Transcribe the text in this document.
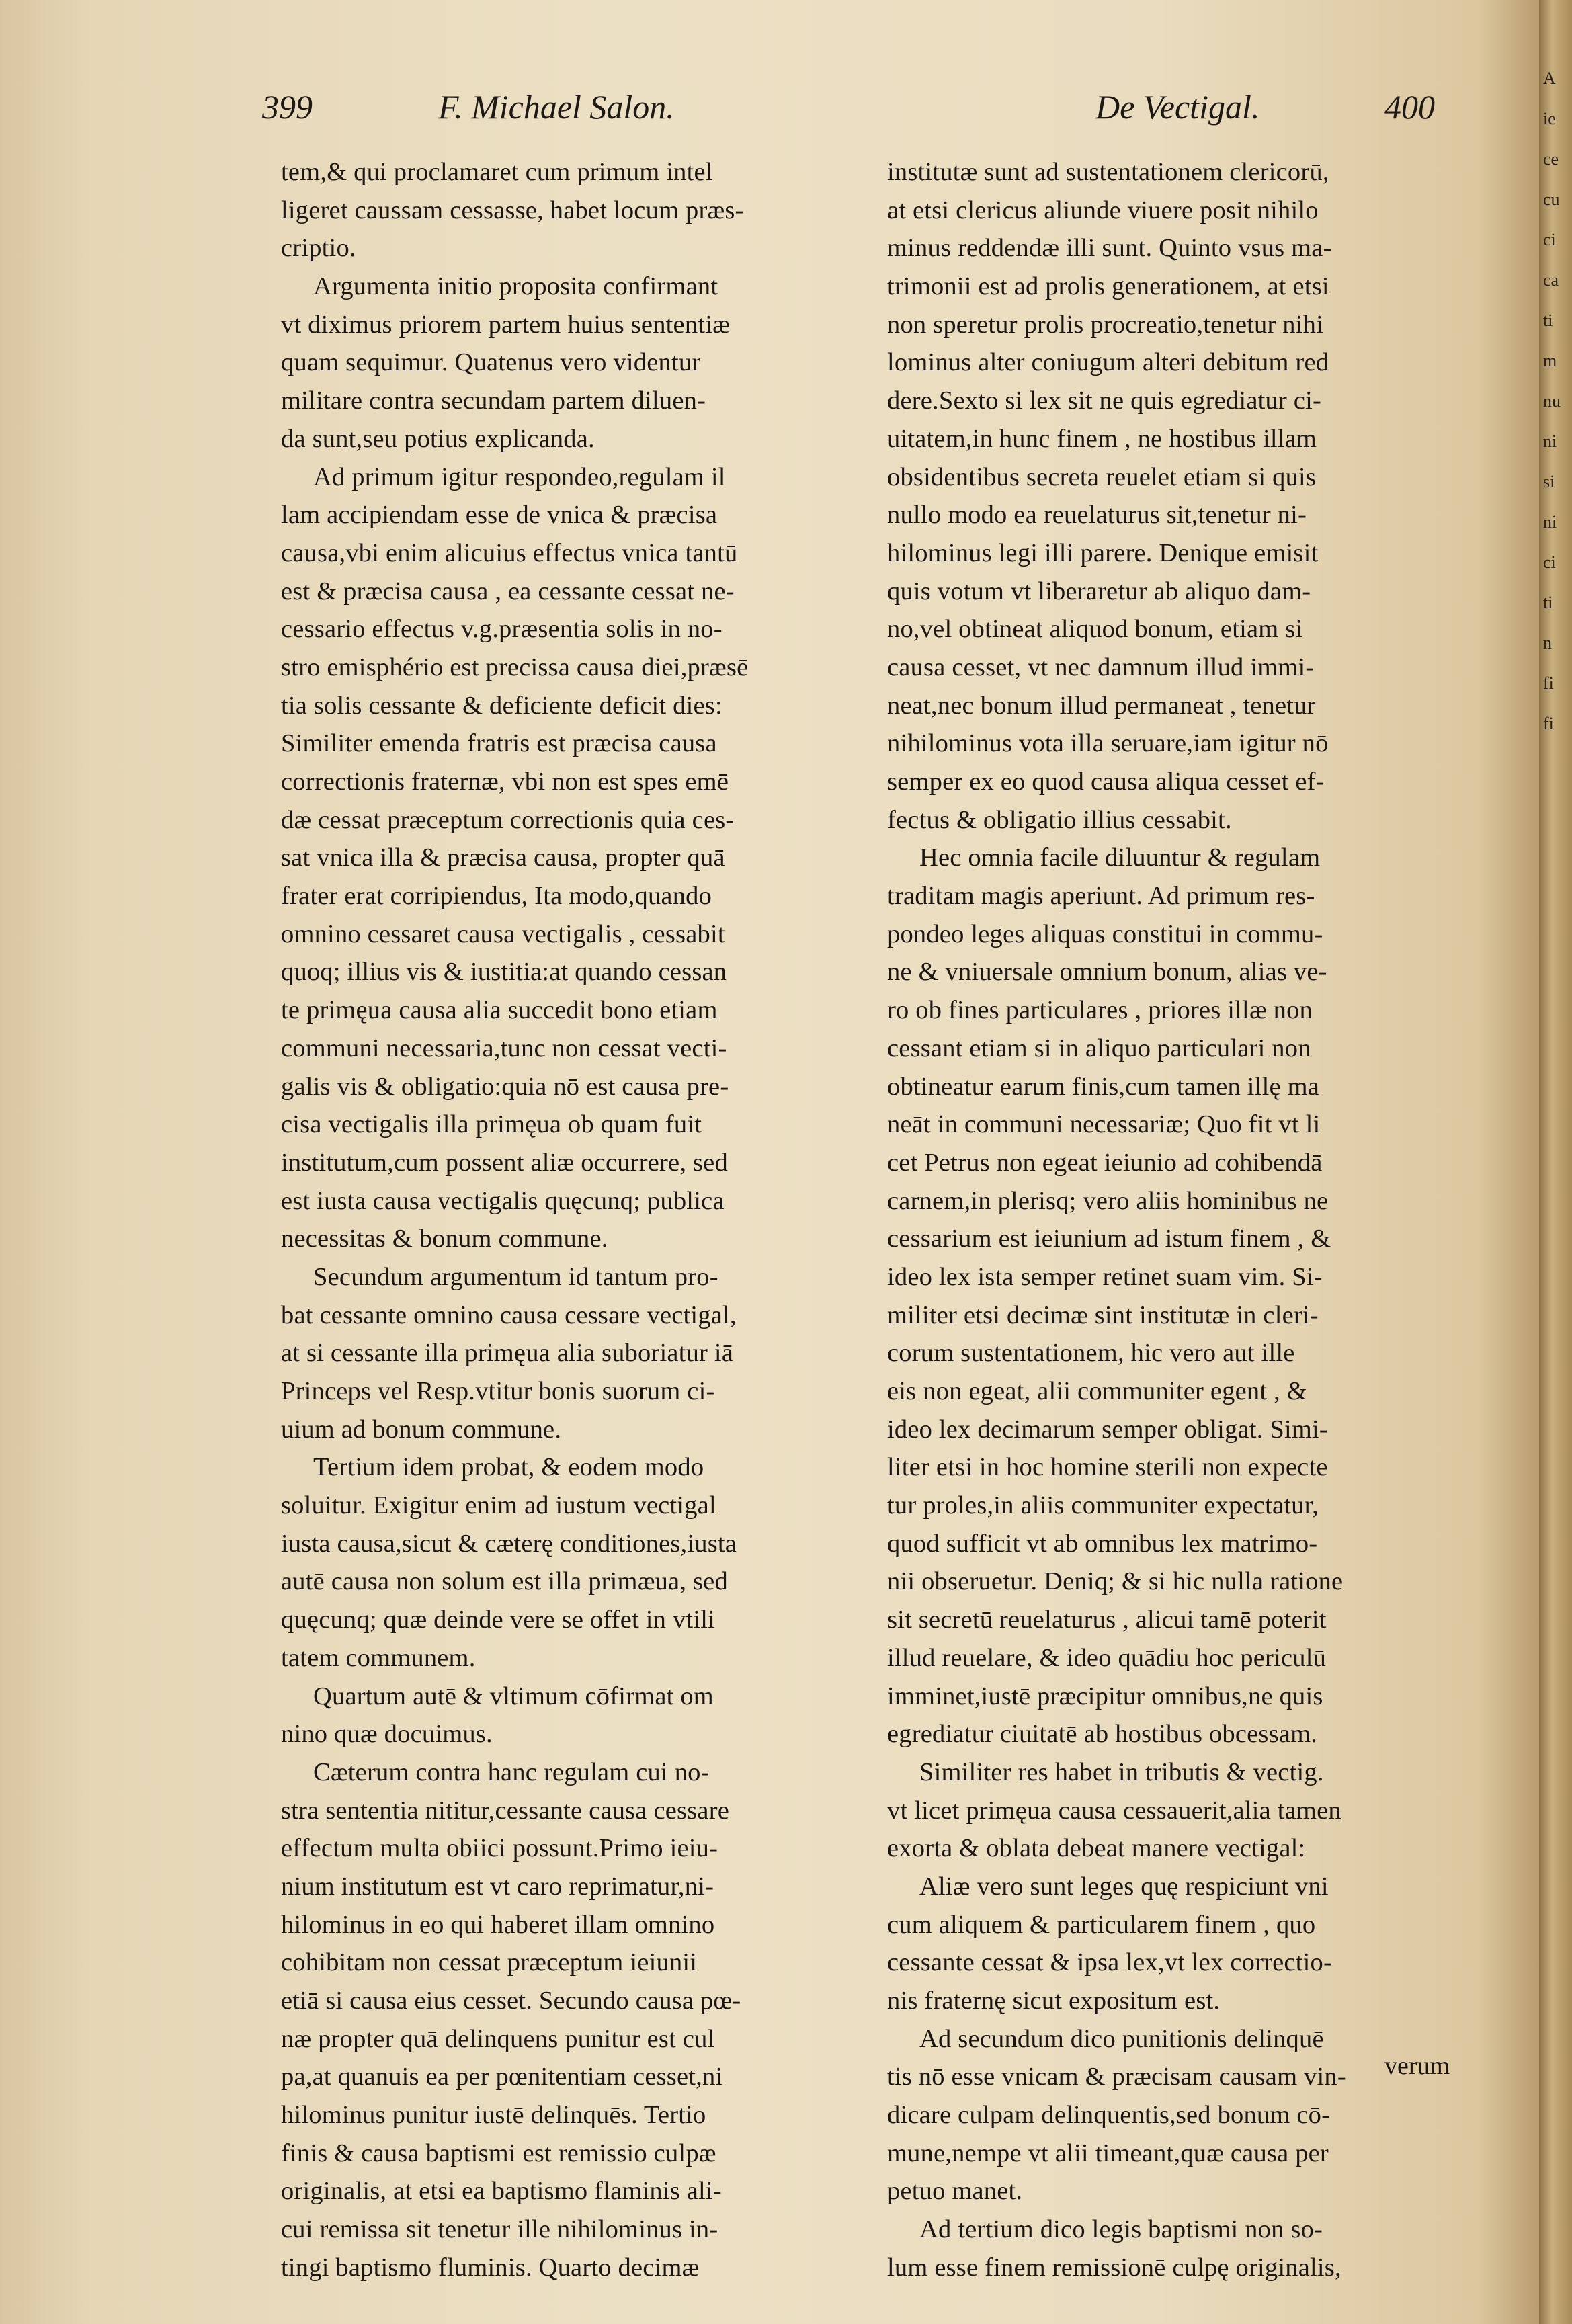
399	F. Michael Salon.	De Vectigal.	400
tem,& qui proclamaret cum primum intel
ligeret caussam cessasse, habet locum præs-
criptio.
Argumenta initio proposita confirmant
vt diximus priorem partem huius sententiæ
quam sequimur. Quatenus vero videntur
militare contra secundam partem diluen-
da sunt,seu potius explicanda.
Ad primum igitur respondeo,regulam il
lam accipiendam esse de vnica & præcisa
causa,vbi enim alicuius effectus vnica tantū
est & præcisa causa , ea cessante cessat ne-
cessario effectus v.g.præsentia solis in no-
stro emisphério est precissa causa diei,præsē
tia solis cessante & deficiente deficit dies:
Similiter emenda fratris est præcisa causa
correctionis fraternæ, vbi non est spes emē
dæ cessat præceptum correctionis quia ces-
sat vnica illa & præcisa causa, propter quā
frater erat corripiendus, Ita modo,quando
omnino cessaret causa vectigalis , cessabit
quoq; illius vis & iustitia:at quando cessan
te primęua causa alia succedit bono etiam
communi necessaria,tunc non cessat vecti-
galis vis & obligatio:quia nō est causa pre-
cisa vectigalis illa primęua ob quam fuit
institutum,cum possent aliæ occurrere, sed
est iusta causa vectigalis quęcunq; publica
necessitas & bonum commune.
Secundum argumentum id tantum pro-
bat cessante omnino causa cessare vectigal,
at si cessante illa primęua alia suboriatur iā
Princeps vel Resp.vtitur bonis suorum ci-
uium ad bonum commune.
Tertium idem probat, & eodem modo
soluitur. Exigitur enim ad iustum vectigal
iusta causa,sicut & cæterę conditiones,iusta
autē causa non solum est illa primæua, sed
quęcunq; quæ deinde vere se offet in vtili
tatem communem.
Quartum autē & vltimum cōfirmat om
nino quæ docuimus.
Cæterum contra hanc regulam cui no-
stra sententia nititur,cessante causa cessare
effectum multa obiici possunt.Primo ieiu-
nium institutum est vt caro reprimatur,ni-
hilominus in eo qui haberet illam omnino
cohibitam non cessat præceptum ieiunii
etiā si causa eius cesset. Secundo causa pœ-
næ propter quā delinquens punitur est cul
pa,at quanuis ea per pœnitentiam cesset,ni
hilominus punitur iustē delinquēs. Tertio
finis & causa baptismi est remissio culpæ
originalis, at etsi ea baptismo flaminis ali-
cui remissa sit tenetur ille nihilominus in-
tingi baptismo fluminis. Quarto decimæ
institutæ sunt ad sustentationem clericorū,
at etsi clericus aliunde viuere posit nihilo
minus reddendæ illi sunt. Quinto vsus ma-
trimonii est ad prolis generationem, at etsi
non speretur prolis procreatio,tenetur nihi
lominus alter coniugum alteri debitum red
dere.Sexto si lex sit ne quis egrediatur ci-
uitatem,in hunc finem , ne hostibus illam
obsidentibus secreta reuelet etiam si quis
nullo modo ea reuelaturus sit,tenetur ni-
hilominus legi illi parere. Denique emisit
quis votum vt liberaretur ab aliquo dam-
no,vel obtineat aliquod bonum, etiam si
causa cesset, vt nec damnum illud immi-
neat,nec bonum illud permaneat , tenetur
nihilominus vota illa seruare,iam igitur nō
semper ex eo quod causa aliqua cesset ef-
fectus & obligatio illius cessabit.
Hec omnia facile diluuntur & regulam
traditam magis aperiunt. Ad primum res-
pondeo leges aliquas constitui in commu-
ne & vniuersale omnium bonum, alias ve-
ro ob fines particulares , priores illæ non
cessant etiam si in aliquo particulari non
obtineatur earum finis,cum tamen illę ma
neāt in communi necessariæ; Quo fit vt li
cet Petrus non egeat ieiunio ad cohibendā
carnem,in plerisq; vero aliis hominibus ne
cessarium est ieiunium ad istum finem , &
ideo lex ista semper retinet suam vim. Si-
militer etsi decimæ sint institutæ in cleri-
corum sustentationem, hic vero aut ille
eis non egeat, alii communiter egent , &
ideo lex decimarum semper obligat. Simi-
liter etsi in hoc homine sterili non expecte
tur proles,in aliis communiter expectatur,
quod sufficit vt ab omnibus lex matrimo-
nii obseruetur. Deniq; & si hic nulla ratione
sit secretū reuelaturus , alicui tamē poterit
illud reuelare, & ideo quādiu hoc periculū
imminet,iustē præcipitur omnibus,ne quis
egrediatur ciuitatē ab hostibus obcessam.
Similiter res habet in tributis & vectig.
vt licet primęua causa cessauerit,alia tamen
exorta & oblata debeat manere vectigal:
Aliæ vero sunt leges quę respiciunt vni
cum aliquem & particularem finem , quo
cessante cessat & ipsa lex,vt lex correctio-
nis fraternę sicut expositum est.
Ad secundum dico punitionis delinquē
tis nō esse vnicam & præcisam causam vin-
dicare culpam delinquentis,sed bonum cō-
mune,nempe vt alii timeant,quæ causa per
petuo manet.
Ad tertium dico legis baptismi non so-
lum esse finem remissionē culpę originalis,
verum
A
ie
ce
cu
ci
ca
ti
m
nu
ni
si
ni
ci
ti
n
fi
fi
